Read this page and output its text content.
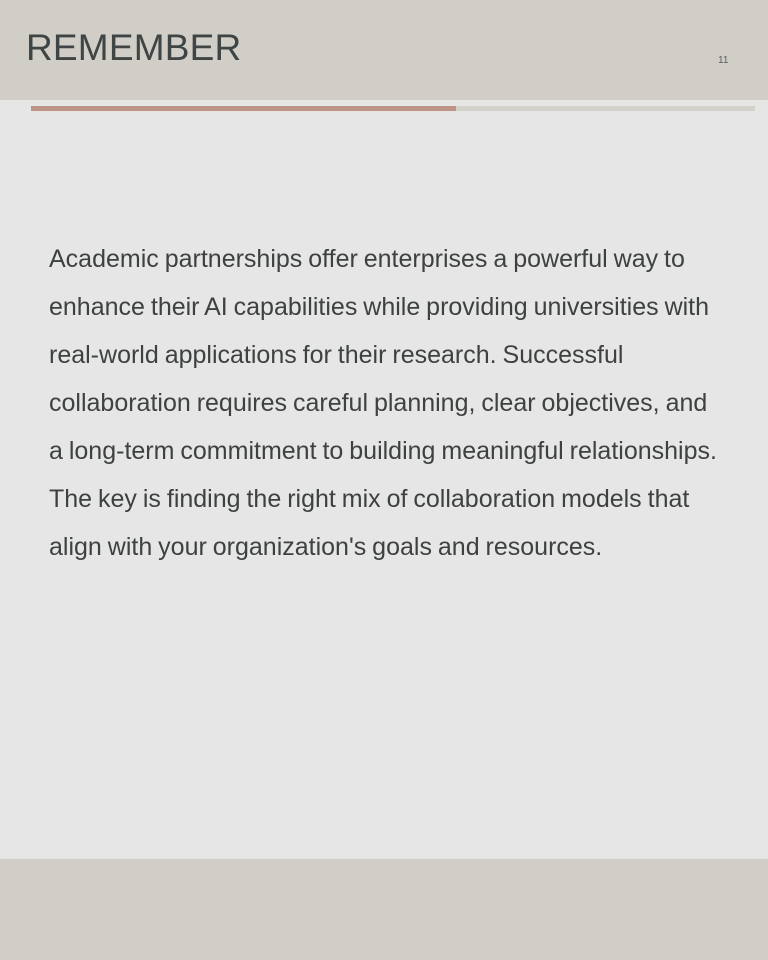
REMEMBER	11

Academic partnerships offer enterprises a powerful way to enhance their AI capabilities while providing universities with real-world applications for their research. Successful collaboration requires careful planning, clear objectives, and a long-term commitment to building meaningful relationships. The key is finding the right mix of collaboration models that align with your organization's goals and resources.
